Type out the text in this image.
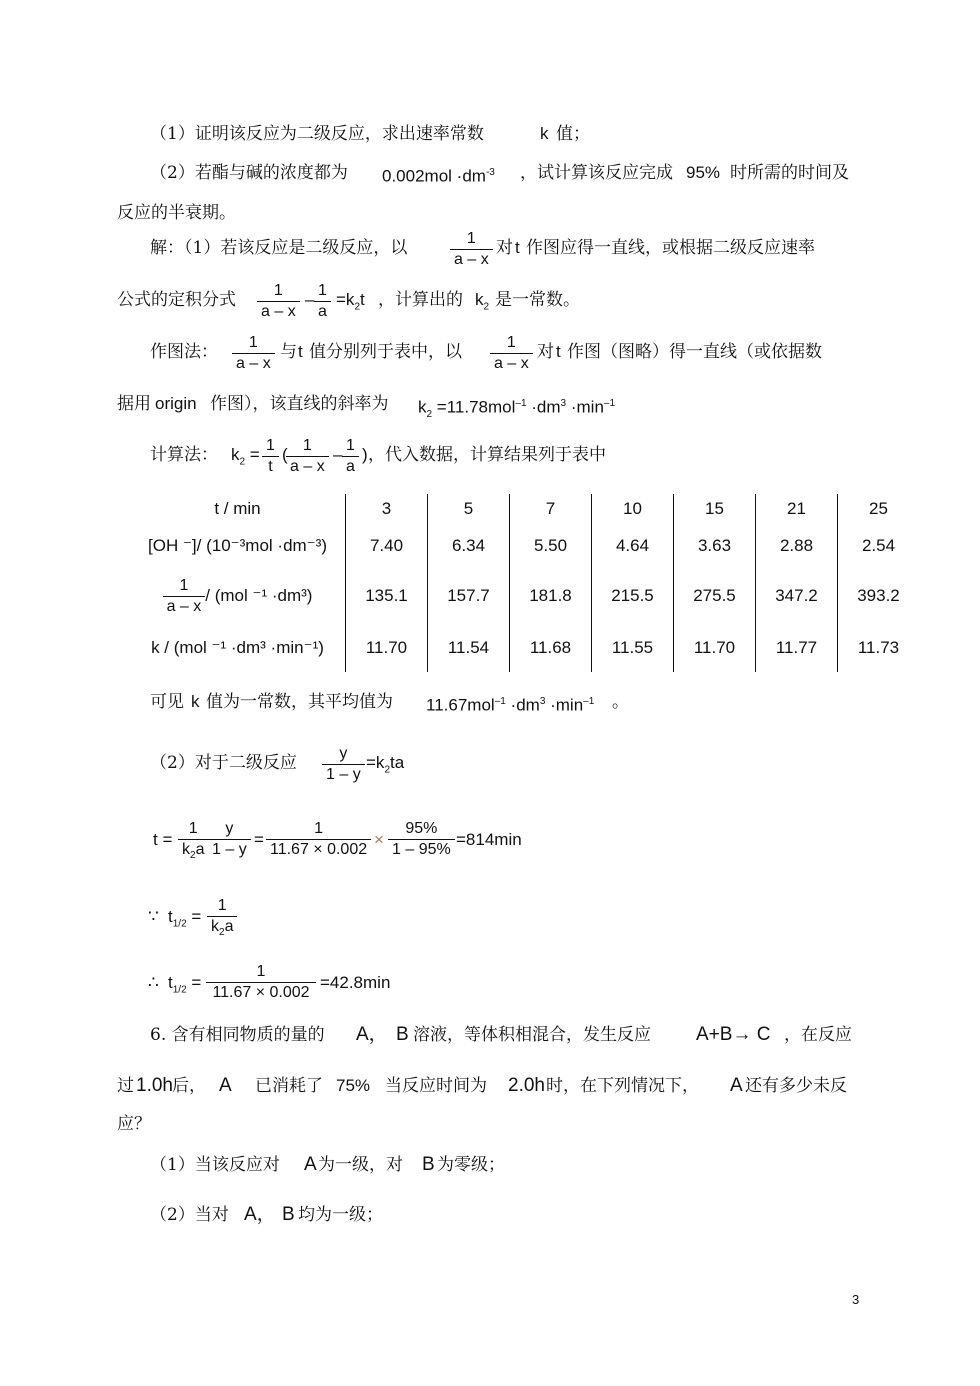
（1）证明该反应为二级反应，求出速率常数	k 值；
（2）若酯与碱的浓度都为 $0.002mol \cdot dm^{-3}$ ，试计算该反应完成 95% 时所需的时间及
反应的半衰期。
解：（1）若该反应是二级反应，以	$\frac{1}{a - x}$ 对 t 作图应得一直线，或根据二级反应速率
公式的定积分式 $\frac{1}{a - x} - \frac{1}{a} =k_2t$ ，计算出的 $k_2$ 是一常数。
作图法： $\frac{1}{a - x}$ 与 t 值分别列于表中，以 $\frac{1}{a - x}$ 对 t 作图（图略）得一直线（或依据数
据用 origin 作图），该直线的斜率为 $k_2 =11.78mol^{-1} \cdot dm^3 \cdot\min^{-1}$
计算法： $k_2 = \frac{1}{t}$ (
$\frac{1}{a - x} - \frac{1}{a}$ ) ，代入数据，计算结果列于表中
t / min	3	5	7	10	15	21	25
[OH ⁻]/ (10⁻³mol ·dm⁻³)	7.40	6.34	5.50	4.64	3.63	2.88	2.54

$\frac{1}{a - x} / (mol$ ⁻¹ ·dm³)	135.1	157.7	181.8	215.5	275.5	347.2	393.2
k / (mol ⁻¹ ·dm³ ·min⁻¹)	11.70	11.54	11.68	11.55	11.70	11.77	11.73
可见 k 值为一常数，其平均值为 $11.67mol^{-1} \cdot dm^3 \cdot\min^{-1}$ 。
（2）对于二级反应 $\frac{y}{1 - y} =k_2ta$
$t = \frac{1}{k_2a} \frac{y}{1 - y} = \frac{1}{11.67 \times 0.002} \times \frac{95\%}{1 - 95\%} =814\min$
∵ $t_{1/2} = \frac{1}{k_2a}$
∴ $t_{1/2} = \frac{1}{11.67 \times 0.002} =42.8\min$
6. 含有相同物质的量的 A， B 溶液，等体积相混合，发生反应 A+B→ C ，在反应
过 1.0h 后， A 已消耗了 75% 当反应时间为 2.0h 时，在下列情况下， A 还有多少未反
应？
（1）当该反应对 A 为一级，对 B 为零级；
（2）当对 A， B 均为一级；
3
